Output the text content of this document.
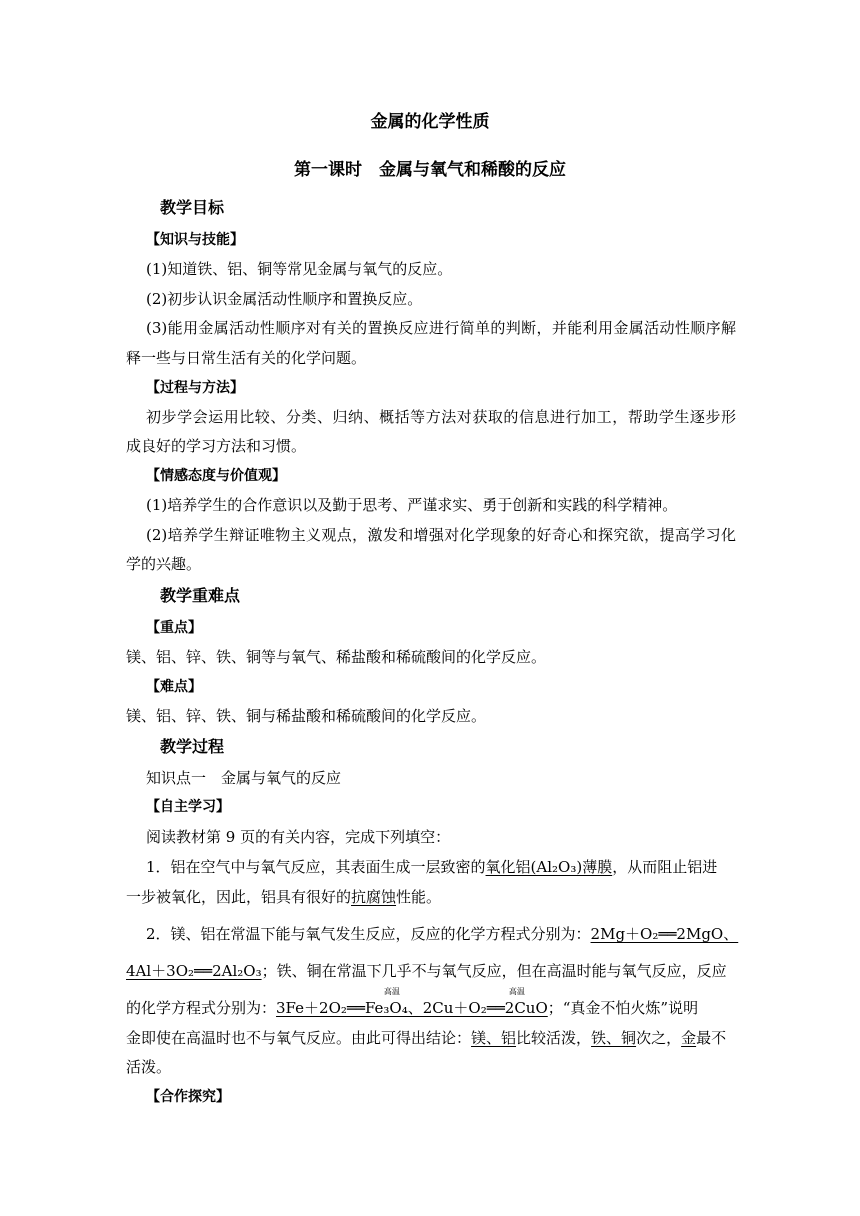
金属的化学性质
第一课时　金属与氧气和稀酸的反应
教学目标
【知识与技能】
(1)知道铁、铝、铜等常见金属与氧气的反应。
(2)初步认识金属活动性顺序和置换反应。
(3)能用金属活动性顺序对有关的置换反应进行简单的判断，并能利用金属活动性顺序解
释一些与日常生活有关的化学问题。
【过程与方法】
初步学会运用比较、分类、归纳、概括等方法对获取的信息进行加工，帮助学生逐步形
成良好的学习方法和习惯。
【情感态度与价值观】
(1)培养学生的合作意识以及勤于思考、严谨求实、勇于创新和实践的科学精神。
(2)培养学生辩证唯物主义观点，激发和增强对化学现象的好奇心和探究欲，提高学习化
学的兴趣。
教学重难点
【重点】
镁、铝、锌、铁、铜等与氧气、稀盐酸和稀硫酸间的化学反应。
【难点】
镁、铝、锌、铁、铜与稀盐酸和稀硫酸间的化学反应。
教学过程
知识点一　金属与氧气的反应
【自主学习】
阅读教材第 9 页的有关内容，完成下列填空：
1．铝在空气中与氧气反应，其表面生成一层致密的氧化铝(Al₂O₃)薄膜，从而阻止铝进
一步被氧化，因此，铝具有很好的抗腐蚀性能。
2．镁、铝在常温下能与氧气发生反应，反应的化学方程式分别为：2Mg＋O₂══2MgO、
4Al＋3O₂══2Al₂O₃；铁、铜在常温下几乎不与氧气反应，但在高温时能与氧气反应，反应
的化学方程式分别为：3Fe＋2O₂══Fe₃O₄、2Cu＋O₂══2CuO
高温	高温
；“真金不怕火炼”说明
金即使在高温时也不与氧气反应。由此可得出结论：镁、铝比较活泼，铁、铜次之，金最不
活泼。
【合作探究】
